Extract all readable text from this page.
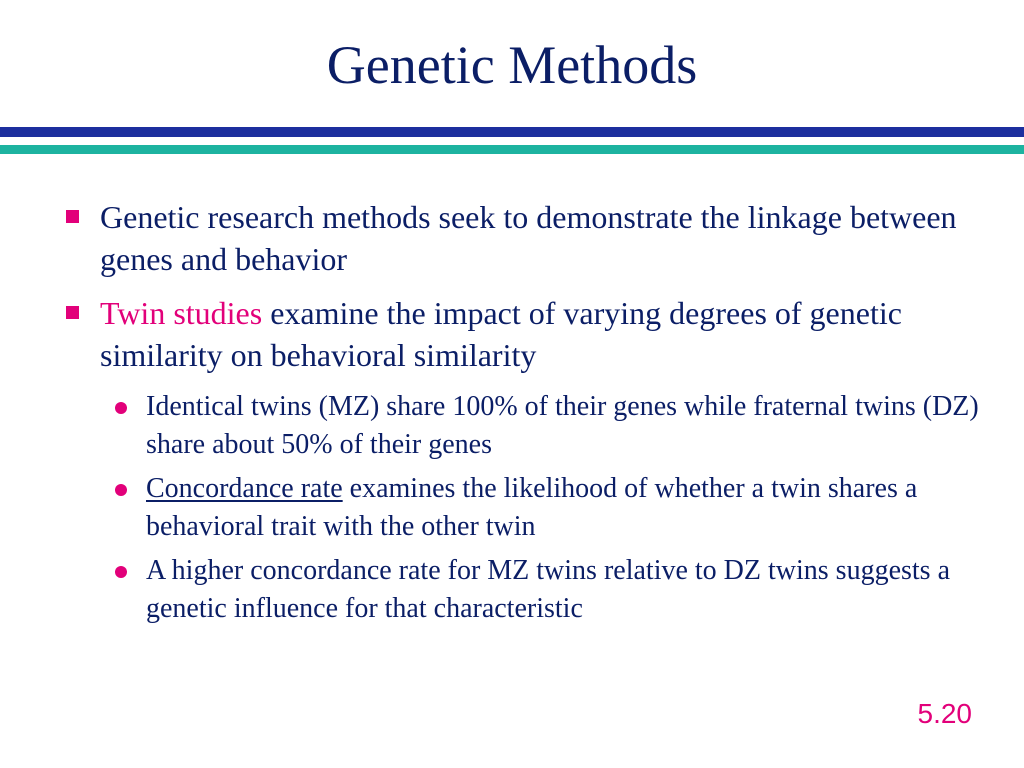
Genetic Methods
Genetic research methods seek to demonstrate the linkage between genes and behavior
Twin studies examine the impact of varying degrees of genetic similarity on behavioral similarity
Identical twins (MZ) share 100% of their genes while fraternal twins (DZ) share about 50% of their genes
Concordance rate examines the likelihood of whether a twin shares a behavioral trait with the other twin
A higher concordance rate for MZ twins relative to DZ twins suggests a genetic influence for that characteristic
5.20
